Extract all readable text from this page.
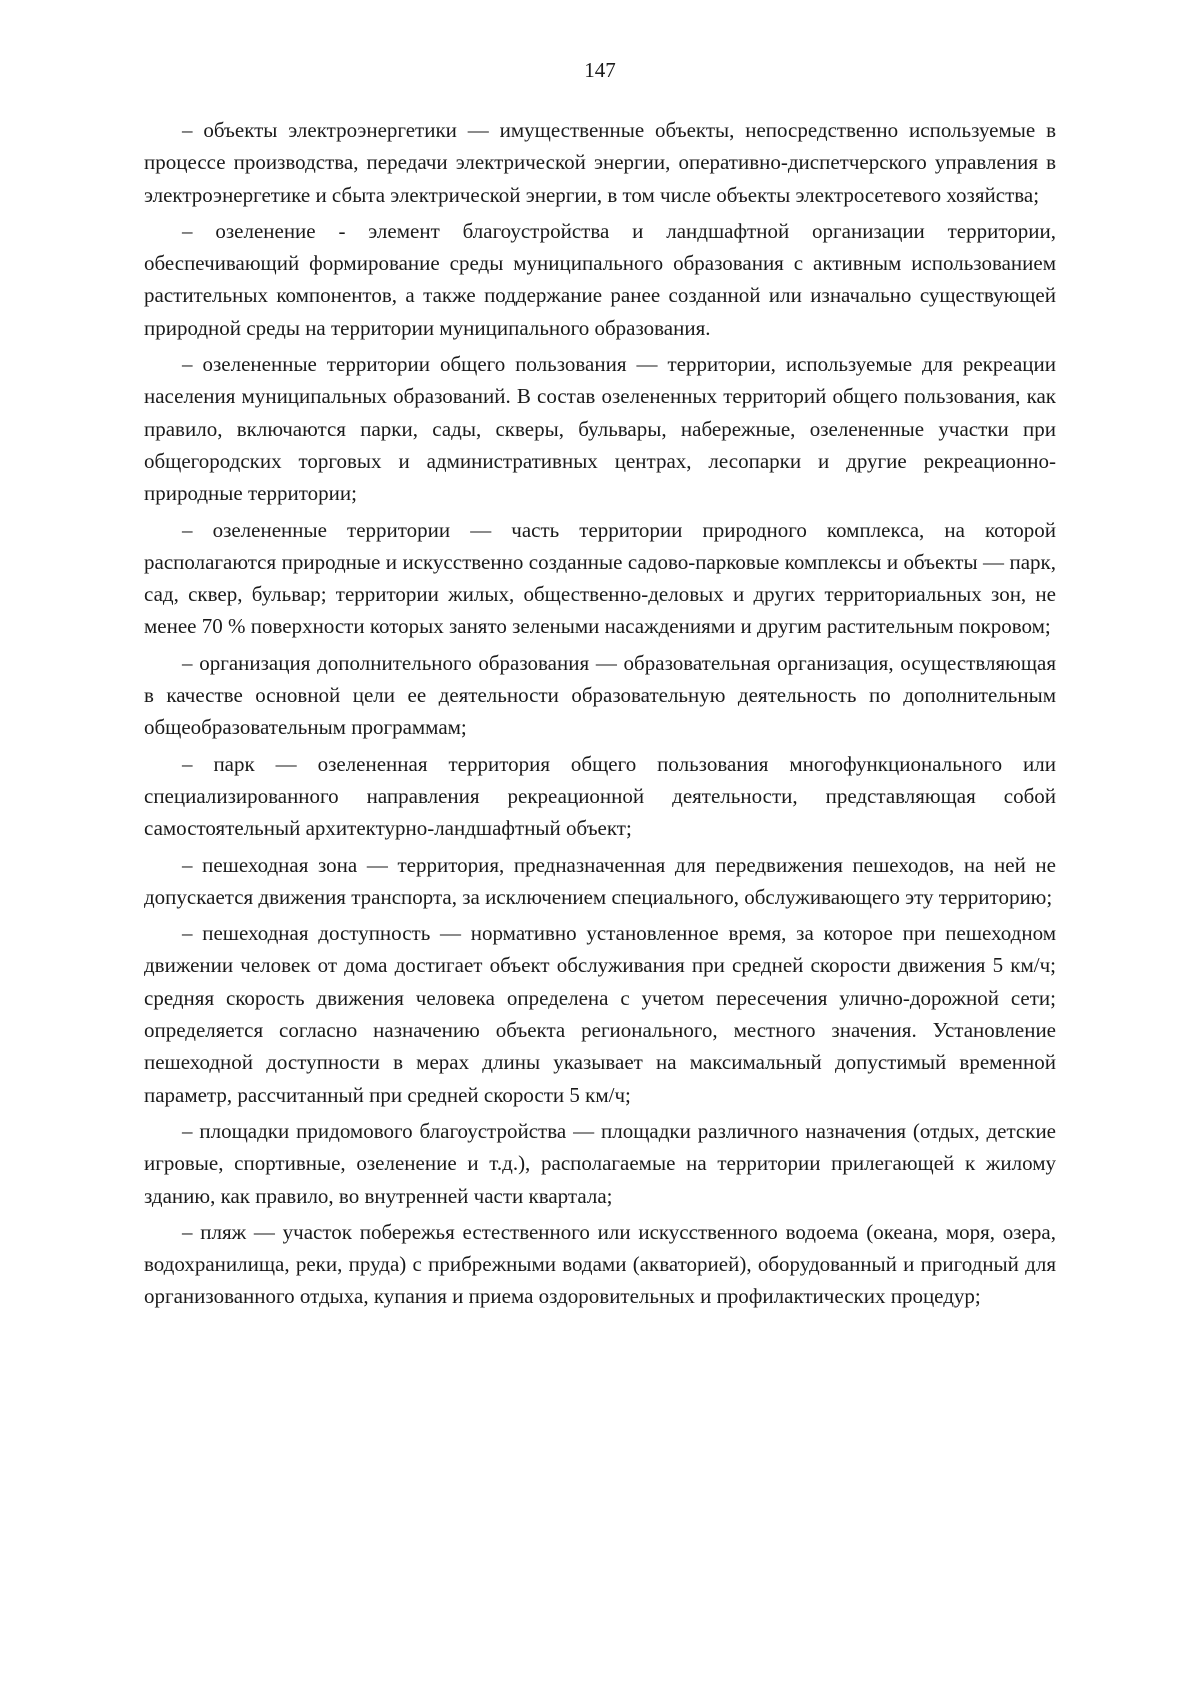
147

– объекты электроэнергетики — имущественные объекты, непосредственно используемые в процессе производства, передачи электрической энергии, оперативно-диспетчерского управления в электроэнергетике и сбыта электрической энергии, в том числе объекты электросетевого хозяйства;

– озеленение - элемент благоустройства и ландшафтной организации территории, обеспечивающий формирование среды муниципального образования с активным использованием растительных компонентов, а также поддержание ранее созданной или изначально существующей природной среды на территории муниципального образования.

– озелененные территории общего пользования — территории, используемые для рекреации населения муниципальных образований. В состав озелененных территорий общего пользования, как правило, включаются парки, сады, скверы, бульвары, набережные, озелененные участки при общегородских торговых и административных центрах, лесопарки и другие рекреационно-природные территории;

– озелененные территории — часть территории природного комплекса, на которой располагаются природные и искусственно созданные садово-парковые комплексы и объекты — парк, сад, сквер, бульвар; территории жилых, общественно-деловых и других территориальных зон, не менее 70 % поверхности которых занято зелеными насаждениями и другим растительным покровом;

– организация дополнительного образования — образовательная организация, осуществляющая в качестве основной цели ее деятельности образовательную деятельность по дополнительным общеобразовательным программам;

– парк — озелененная территория общего пользования многофункционального или специализированного направления рекреационной деятельности, представляющая собой самостоятельный архитектурно-ландшафтный объект;

– пешеходная зона — территория, предназначенная для передвижения пешеходов, на ней не допускается движения транспорта, за исключением специального, обслуживающего эту территорию;

– пешеходная доступность — нормативно установленное время, за которое при пешеходном движении человек от дома достигает объект обслуживания при средней скорости движения 5 км/ч; средняя скорость движения человека определена с учетом пересечения улично-дорожной сети; определяется согласно назначению объекта регионального, местного значения. Установление пешеходной доступности в мерах длины указывает на максимальный допустимый временной параметр, рассчитанный при средней скорости 5 км/ч;

– площадки придомового благоустройства — площадки различного назначения (отдых, детские игровые, спортивные, озеленение и т.д.), располагаемые на территории прилегающей к жилому зданию, как правило, во внутренней части квартала;

– пляж — участок побережья естественного или искусственного водоема (океана, моря, озера, водохранилища, реки, пруда) с прибрежными водами (акваторией), оборудованный и пригодный для организованного отдыха, купания и приема оздоровительных и профилактических процедур;
